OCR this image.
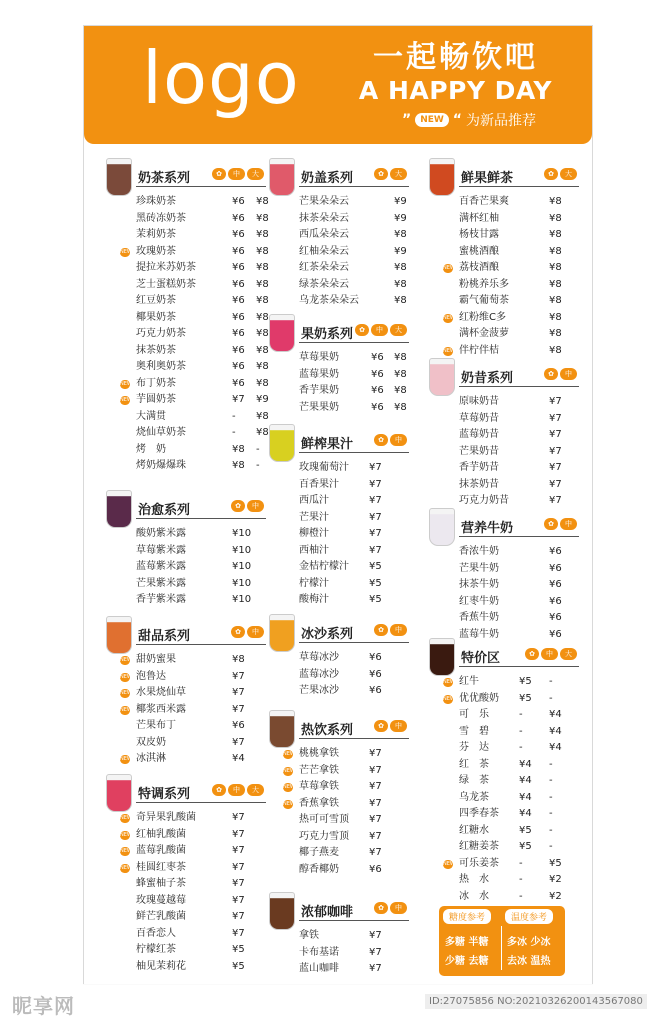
logo	一起畅饮吧
A HAPPY DAY
”	NEW “ 为新品推荐
奶茶系列	✿	中	大
珍珠奶茶	¥6	¥8
黑砖冻奶茶	¥6	¥8
茉莉奶茶	¥6	¥8
NEW 玫瑰奶茶	¥6	¥8
提拉米苏奶茶	¥6	¥8
芝士蛋糕奶茶	¥6	¥8
红豆奶茶	¥6	¥8
椰果奶茶	¥6	¥8
巧克力奶茶	¥6	¥8
抹茶奶茶	¥6	¥8
奥利奥奶茶	¥6	¥8
NEW 布丁奶茶	¥6	¥8
NEW 芋圆奶茶	¥7	¥9
大满贯	-	¥8
烧仙草奶茶	-	¥8
烤　奶	¥8	-
烤奶爆爆珠	¥8	-
治愈系列	✿	中
酸奶紫米露	¥10
草莓紫米露	¥10
蓝莓紫米露	¥10
芒果紫米露	¥10
香芋紫米露	¥10
甜品系列	✿	中
NEW 甜奶蜜果	¥8
NEW 泡鲁达	¥7
NEW 水果烧仙草	¥7
NEW 椰浆西米露	¥7
芒果布丁	¥6
双皮奶	¥7
NEW 冰淇淋	¥4
特调系列	✿	中	大
NEW 奇异果乳酸菌	¥7
NEW 红柚乳酸菌	¥7
NEW 蓝莓乳酸菌	¥7
NEW 桂圆红枣茶	¥7
蜂蜜柚子茶	¥7
玫瑰蔓越莓	¥7
鲜芒乳酸菌	¥7
百香恋人	¥7
柠檬红茶	¥5
柚见茉莉花	¥5
奶盖系列	✿	大
芒果朵朵云	¥9
抹茶朵朵云	¥9
西瓜朵朵云	¥8
红柚朵朵云	¥9
红茶朵朵云	¥8
绿茶朵朵云	¥8
乌龙茶朵朵云	¥8
果奶系列 ✿	中	大
草莓果奶	¥6	¥8
蓝莓果奶	¥6	¥8
香芋果奶	¥6	¥8
芒果果奶	¥6	¥8
鲜榨果汁	✿	中
玫瑰葡萄汁 ¥7
百香果汁	¥7
西瓜汁	¥7
芒果汁	¥7
柳橙汁	¥7
西柚汁	¥7
金桔柠檬汁 ¥5
柠檬汁	¥5
酸梅汁	¥5
冰沙系列	✿	中
草莓冰沙	¥6
蓝莓冰沙	¥6
芒果冰沙	¥6
热饮系列	✿	中
NEW 桃桃拿铁	¥7
NEW 芒芒拿铁	¥7
NEW 草莓拿铁	¥7
NEW 香蕉拿铁	¥7
热可可雪顶 ¥7
巧克力雪顶 ¥7
椰子燕麦	¥7
醇香椰奶	¥6
浓郁咖啡	✿	中
拿铁	¥7
卡布基诺	¥7
蓝山咖啡	¥7
鲜果鲜茶	✿	大
百香芒果爽	¥8
满杯红柚	¥8
杨枝甘露	¥8
蜜桃酒酿	¥8
NEW 荔枝酒酿	¥8
粉桃养乐多	¥8
霸气葡萄茶	¥8
NEW 红粉维C多	¥8
满杯金菠萝	¥8
NEW 伴柠伴桔	¥8
奶昔系列	✿	中
原味奶昔	¥7
草莓奶昔	¥7
蓝莓奶昔	¥7
芒果奶昔	¥7
香芋奶昔	¥7
抹茶奶昔	¥7
巧克力奶昔	¥7
营养牛奶	✿	中
香浓牛奶	¥6
芒果牛奶	¥6
抹茶牛奶	¥6
红枣牛奶	¥6
香蕉牛奶	¥6
蓝莓牛奶	¥6
特价区	✿	中	大
NEW 红牛	¥5	-
NEW 优优酸奶 ¥5	-
可　乐	-	¥4
雪　碧	-	¥4
芬　达	-	¥4
红　茶	¥4	-
绿　茶	¥4	-
乌龙茶	¥4	-
四季春茶 ¥4	-
红糖水	¥5	-
红糖姜茶 ¥5	-
NEW 可乐姜茶 -	¥5
热　水	-	¥2
冰　水	-	¥2
糖度参考	温度参考
多糖 半糖
少糖 去糖
多冰 少冰
去冰 温热
昵享网	ID:27075856 NO:20210326200143567080
